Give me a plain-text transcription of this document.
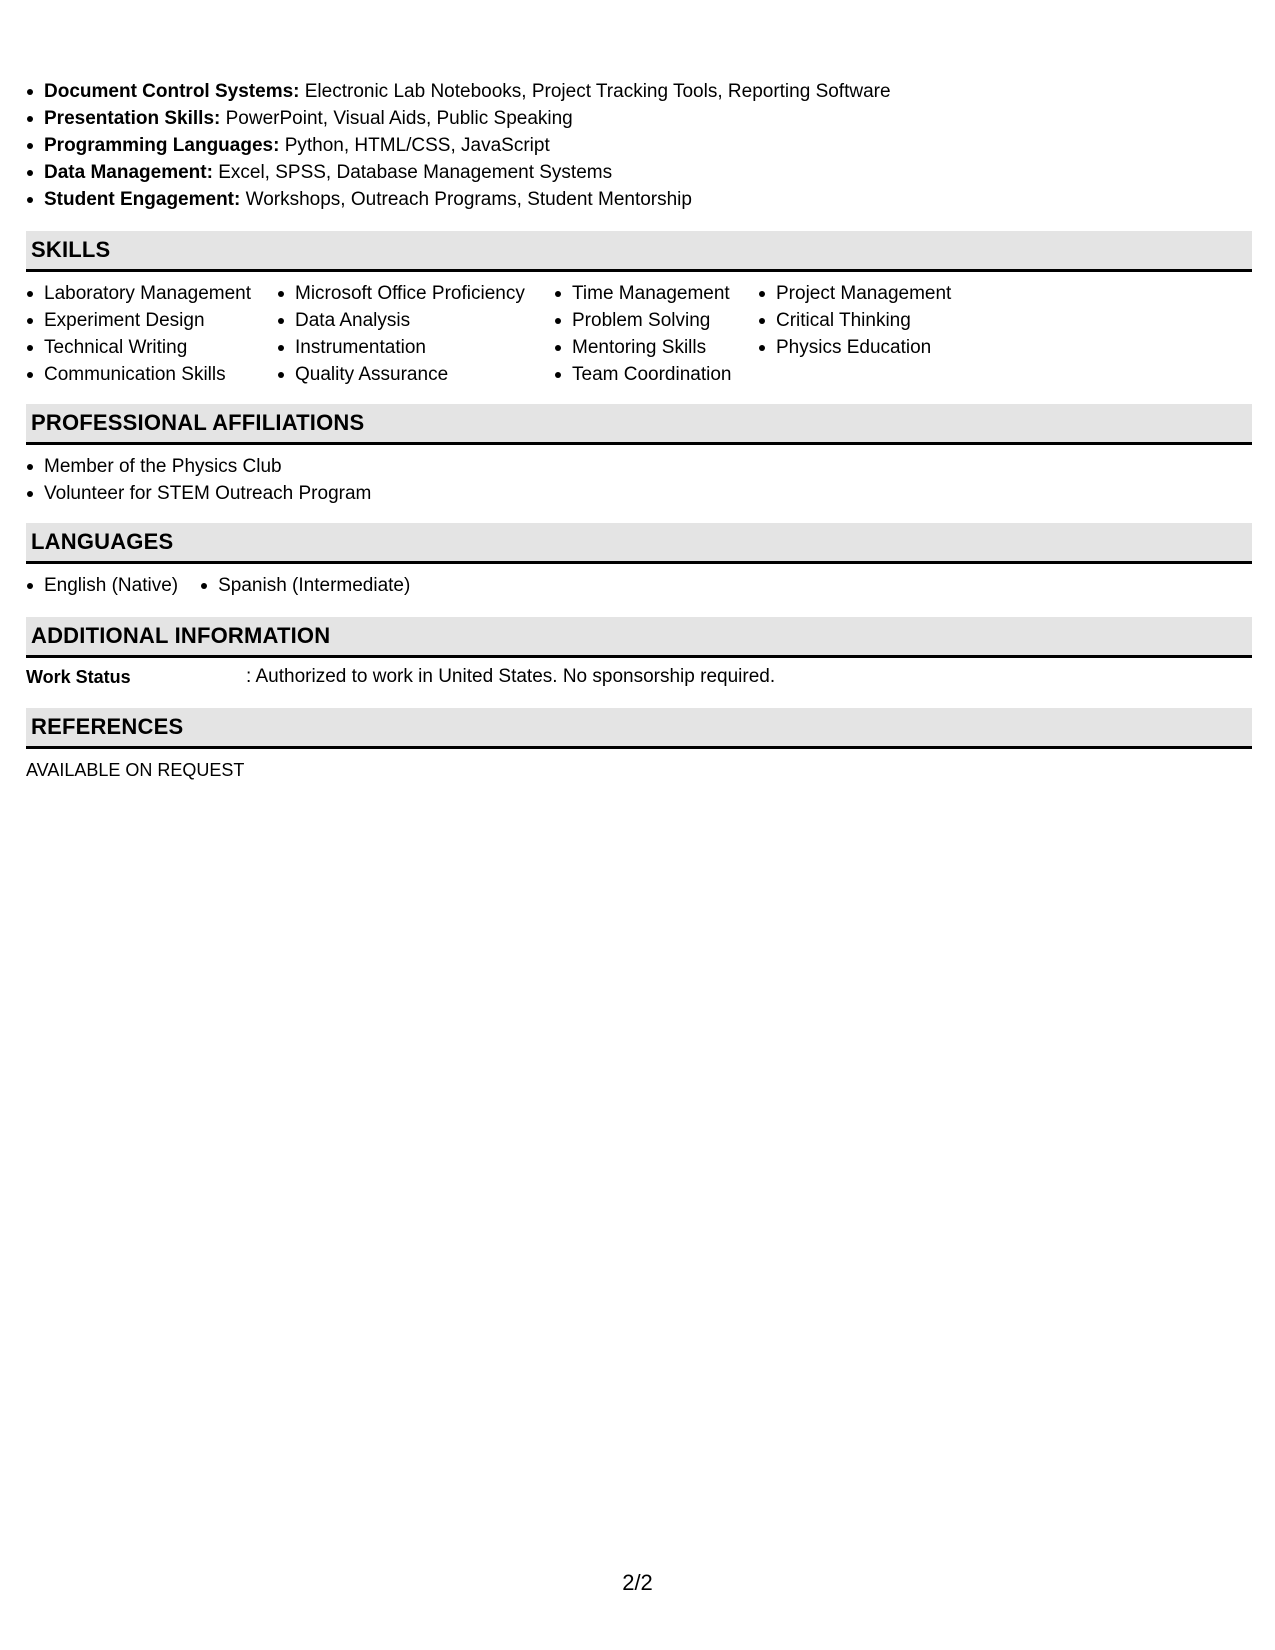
Document Control Systems: Electronic Lab Notebooks, Project Tracking Tools, Reporting Software
Presentation Skills: PowerPoint, Visual Aids, Public Speaking
Programming Languages: Python, HTML/CSS, JavaScript
Data Management: Excel, SPSS, Database Management Systems
Student Engagement: Workshops, Outreach Programs, Student Mentorship
SKILLS
Laboratory Management
Experiment Design
Technical Writing
Communication Skills
Microsoft Office Proficiency
Data Analysis
Instrumentation
Quality Assurance
Time Management
Problem Solving
Mentoring Skills
Team Coordination
Project Management
Critical Thinking
Physics Education
PROFESSIONAL AFFILIATIONS
Member of the Physics Club
Volunteer for STEM Outreach Program
LANGUAGES
English (Native)	Spanish (Intermediate)
ADDITIONAL INFORMATION
Work Status	: Authorized to work in United States. No sponsorship required.
REFERENCES
AVAILABLE ON REQUEST
2/2
